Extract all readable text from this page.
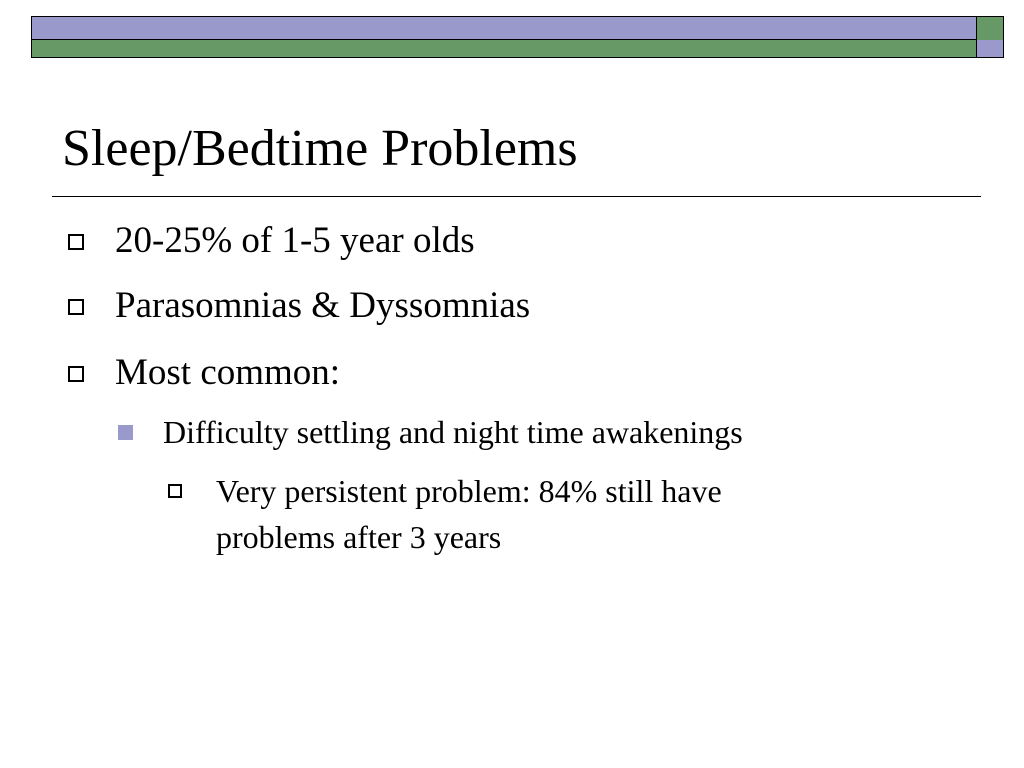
Sleep/Bedtime Problems
20-25% of 1-5 year olds
Parasomnias & Dyssomnias
Most common:
Difficulty settling and night time awakenings
Very persistent problem: 84% still have
problems after 3 years
